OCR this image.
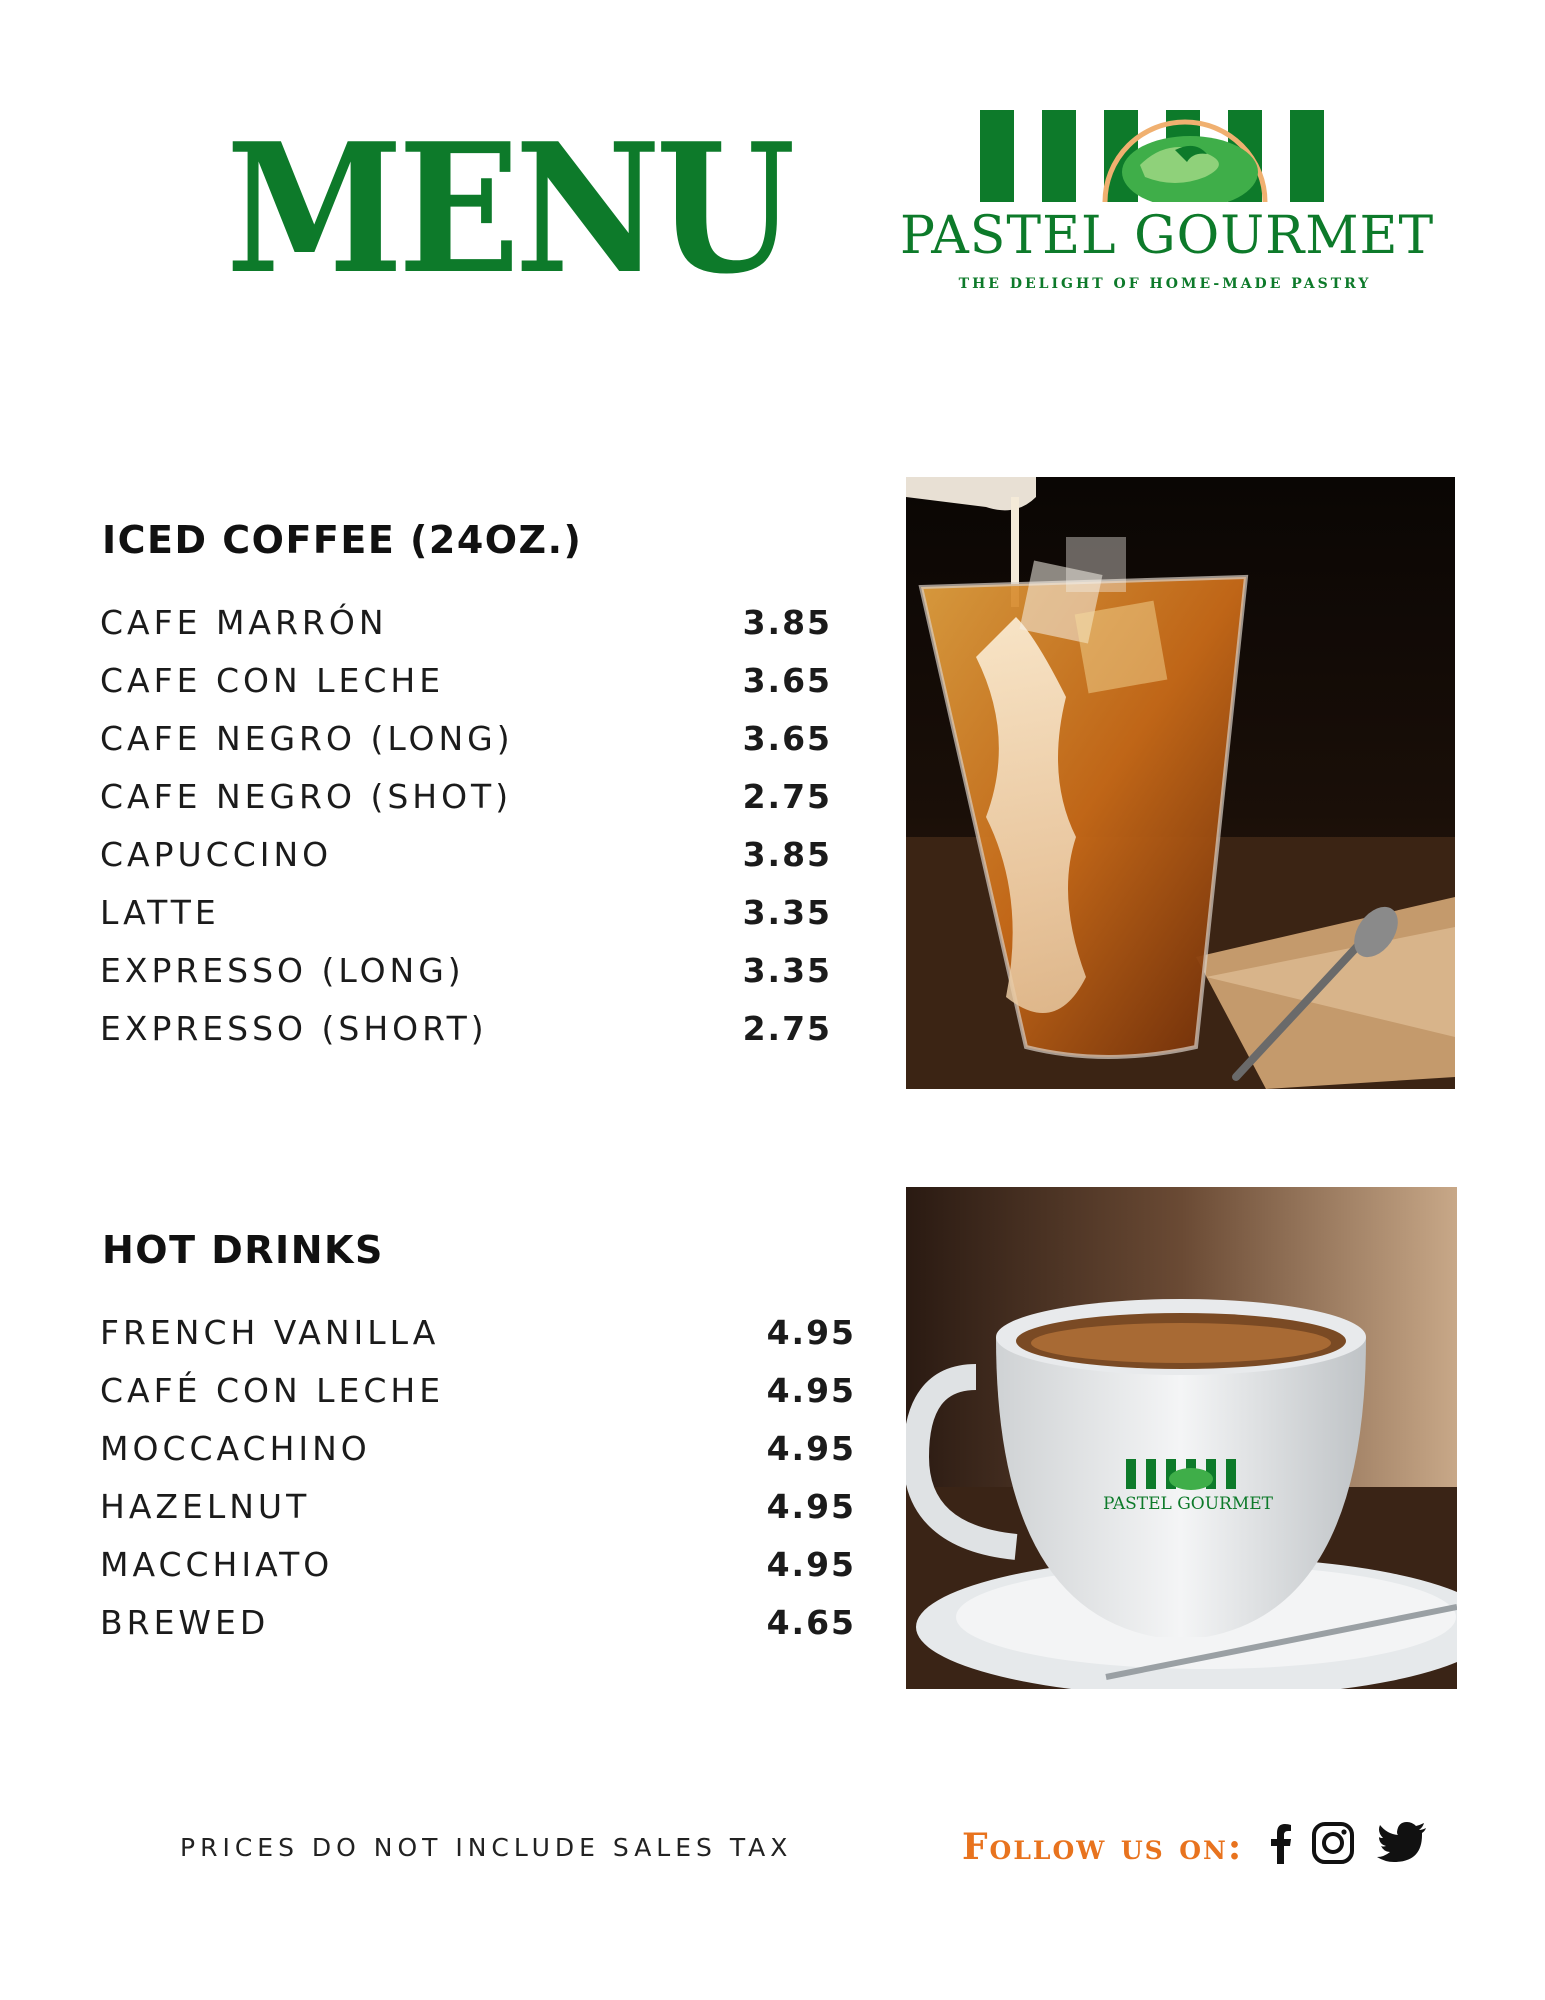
MENU PASTEL GOURMET
THE DELIGHT OF HOME-MADE PASTRY
ICED COFFEE (24OZ.)
CAFE MARRÓN	3.85
CAFE CON LECHE	3.65
CAFE NEGRO (LONG)	3.65
CAFE NEGRO (SHOT)	2.75
CAPUCCINO	3.85
LATTE	3.35
EXPRESSO (LONG)	3.35
EXPRESSO (SHORT)	2.75
HOT DRINKS
FRENCH VANILLA	4.95
CAFÉ CON LECHE	4.95
MOCCACHINO	4.95
HAZELNUT	4.95
MACCHIATO	4.95
BREWED	4.65
PASTEL GOURMET
PRICES DO NOT INCLUDE SALES TAX	Follow us on:
